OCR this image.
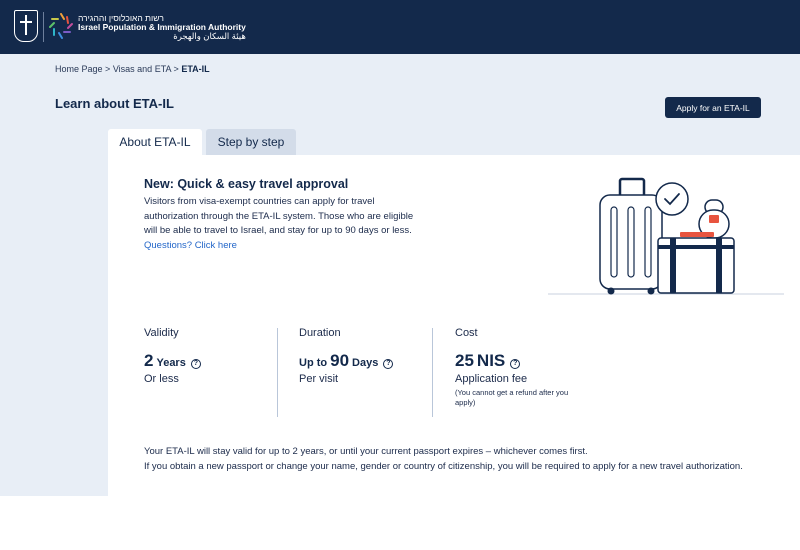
רשות האוכלוסין וההגירה
Israel Population & Immigration Authority
هيئة السكان والهجرة
Home Page > Visas and ETA > ETA-IL
Learn about ETA-IL	Apply for an ETA-IL
About ETA-IL	Step by step
New: Quick & easy travel approval
Visitors from visa-exempt countries can apply for travel authorization through the ETA-IL system. Those who are eligible will be able to travel to Israel, and stay for up to 90 days or less. Questions? Click here
Validity
2 Years	?
Or less
Duration
Up to 90 Days	?
Per visit
Cost
25 NIS	?
Application fee
(You cannot get a refund after you apply)
Your ETA-IL will stay valid for up to 2 years, or until your current passport expires – whichever comes first.
If you obtain a new passport or change your name, gender or country of citizenship, you will be required to apply for a new travel authorization.
